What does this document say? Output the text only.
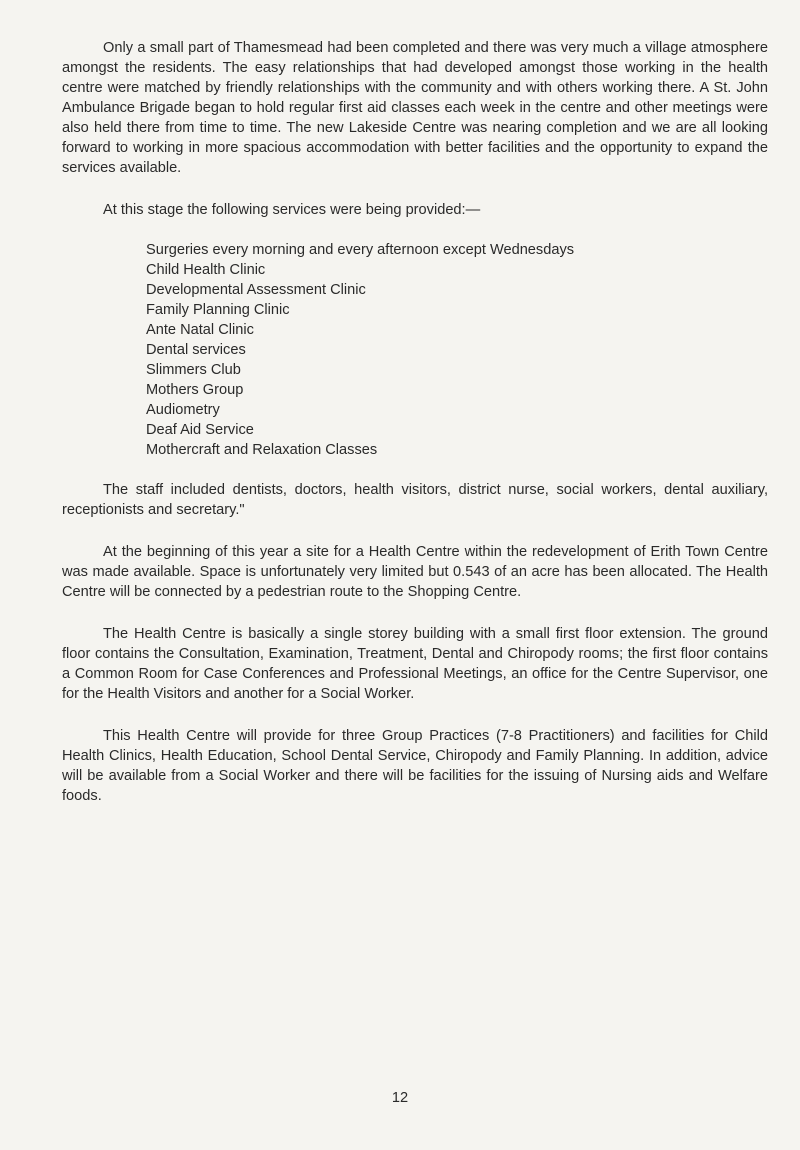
Only a small part of Thamesmead had been completed and there was very much a village atmosphere amongst the residents. The easy relationships that had developed amongst those working in the health centre were matched by friendly relationships with the community and with others working there. A St. John Ambulance Brigade began to hold regular first aid classes each week in the centre and other meetings were also held there from time to time. The new Lakeside Centre was nearing completion and we are all looking forward to working in more spacious accommodation with better facilities and the opportunity to expand the services available.

At this stage the following services were being provided:—

Surgeries every morning and every afternoon except Wednesdays
Child Health Clinic
Developmental Assessment Clinic
Family Planning Clinic
Ante Natal Clinic
Dental services
Slimmers Club
Mothers Group
Audiometry
Deaf Aid Service
Mothercraft and Relaxation Classes

The staff included dentists, doctors, health visitors, district nurse, social workers, dental auxiliary, receptionists and secretary."

At the beginning of this year a site for a Health Centre within the redevelopment of Erith Town Centre was made available. Space is unfortunately very limited but 0.543 of an acre has been allocated. The Health Centre will be connected by a pedestrian route to the Shopping Centre.

The Health Centre is basically a single storey building with a small first floor extension. The ground floor contains the Consultation, Examination, Treatment, Dental and Chiropody rooms; the first floor contains a Common Room for Case Conferences and Professional Meetings, an office for the Centre Supervisor, one for the Health Visitors and another for a Social Worker.

This Health Centre will provide for three Group Practices (7-8 Practitioners) and facilities for Child Health Clinics, Health Education, School Dental Service, Chiropody and Family Planning. In addition, advice will be available from a Social Worker and there will be facilities for the issuing of Nursing aids and Welfare foods.

12
